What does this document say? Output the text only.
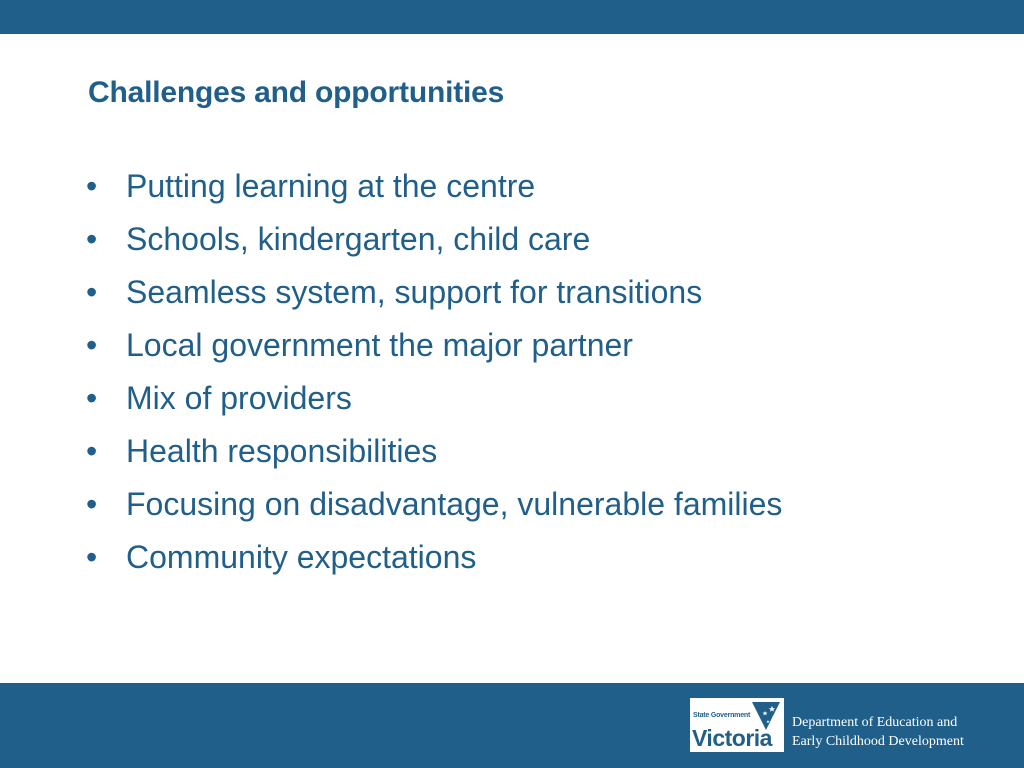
Challenges and opportunities
• Putting learning at the centre
• Schools, kindergarten, child care
• Seamless system, support for transitions
• Local government the major partner
• Mix of providers
• Health responsibilities
• Focusing on disadvantage, vulnerable families
• Community expectations
State Government
Victoria
Department of Education and
Early Childhood Development
